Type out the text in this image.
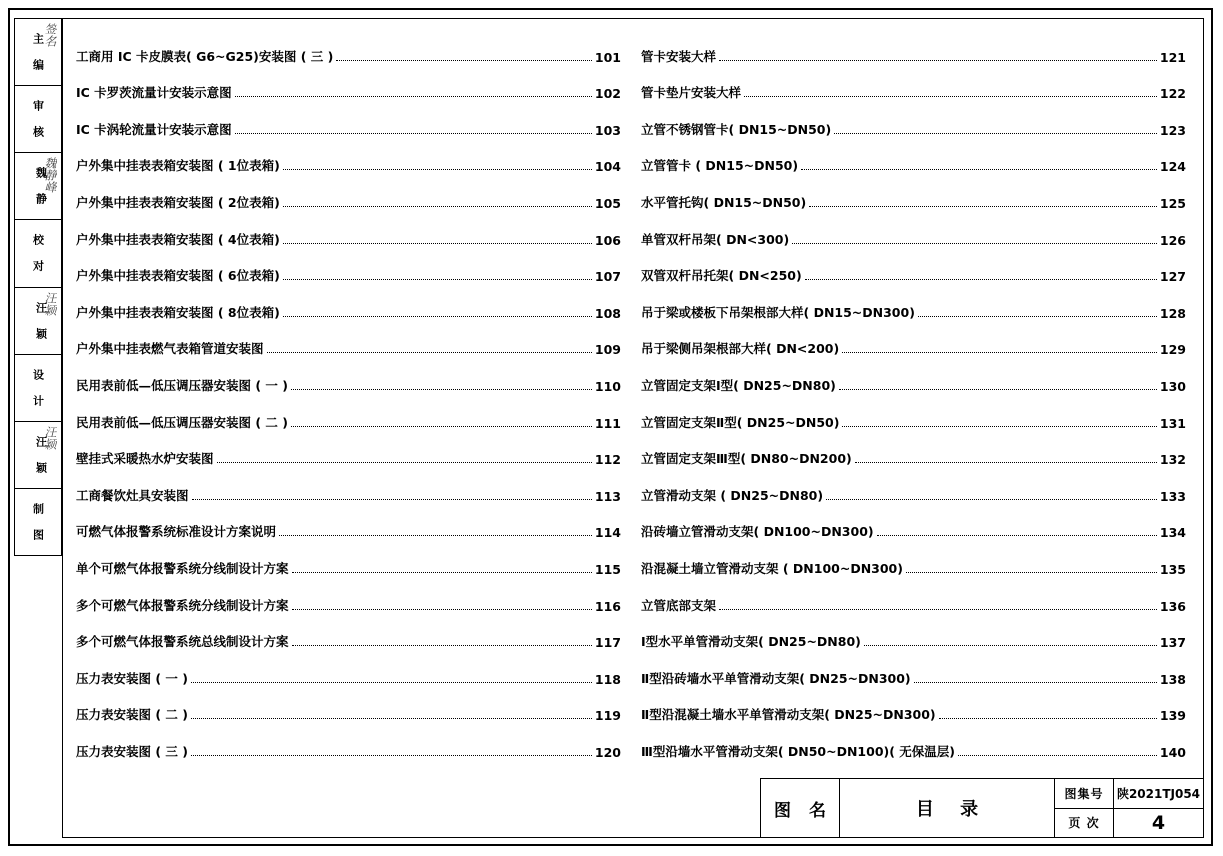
主 编
签名
审 核
魏 静
魏静峰
校 对
汪 颖
汪颖
设 计
汪 颖
汪颖
制 图
工商用 IC 卡皮膜表( G6~G25)安装图 ( 三 )	101
IC 卡罗茨流量计安装示意图	102
IC 卡涡轮流量计安装示意图	103
户外集中挂表表箱安装图 ( 1位表箱)	104
户外集中挂表表箱安装图 ( 2位表箱)	105
户外集中挂表表箱安装图 ( 4位表箱)	106
户外集中挂表表箱安装图 ( 6位表箱)	107
户外集中挂表表箱安装图 ( 8位表箱)	108
户外集中挂表燃气表箱管道安装图	109
民用表前低—低压调压器安装图 ( 一 )	110
民用表前低—低压调压器安装图 ( 二 )	111
壁挂式采暖热水炉安装图	112
工商餐饮灶具安装图	113
可燃气体报警系统标准设计方案说明	114
单个可燃气体报警系统分线制设计方案	115
多个可燃气体报警系统分线制设计方案	116
多个可燃气体报警系统总线制设计方案	117
压力表安装图 ( 一 )	118
压力表安装图 ( 二 )	119
压力表安装图 ( 三 )	120
管卡安装大样	121
管卡垫片安装大样	122
立管不锈钢管卡( DN15~DN50)	123
立管管卡 ( DN15~DN50)	124
水平管托钩( DN15~DN50)	125
单管双杆吊架( DN<300)	126
双管双杆吊托架( DN<250)	127
吊于梁或楼板下吊架根部大样( DN15~DN300)	128
吊于梁侧吊架根部大样( DN<200)	129
立管固定支架Ⅰ型( DN25~DN80)	130
立管固定支架Ⅱ型( DN25~DN50)	131
立管固定支架Ⅲ型( DN80~DN200)	132
立管滑动支架 ( DN25~DN80)	133
沿砖墙立管滑动支架( DN100~DN300)	134
沿混凝土墙立管滑动支架 ( DN100~DN300)	135
立管底部支架	136
Ⅰ型水平单管滑动支架( DN25~DN80)	137
Ⅱ型沿砖墙水平单管滑动支架( DN25~DN300)	138
Ⅱ型沿混凝土墙水平单管滑动支架( DN25~DN300)	139
Ⅲ型沿墙水平管滑动支架( DN50~DN100)( 无保温层)	140
图 名	目 录
图集号	陕2021TJ054
页 次	4
